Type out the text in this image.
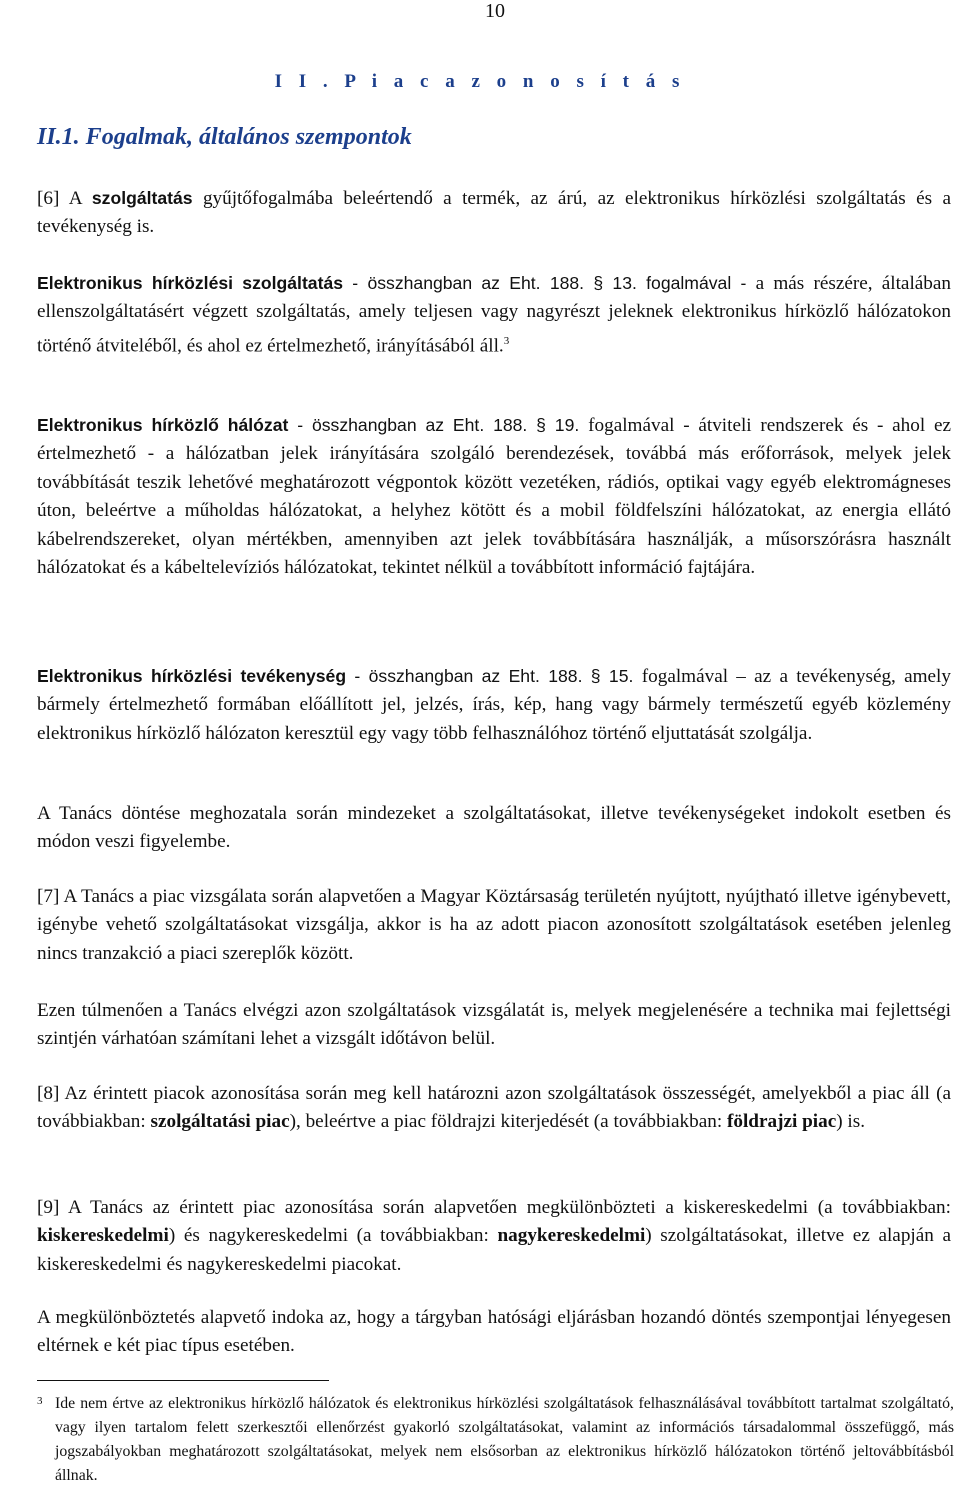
10
I I . P i a c a z o n o s í t á s
II.1. Fogalmak, általános szempontok

[6] A szolgáltatás gyűjtőfogalmába beleértendő a termék, az árú, az elektronikus hírközlési szolgáltatás és a tevékenység is.

Elektronikus hírközlési szolgáltatás - összhangban az Eht. 188. § 13. fogalmával - a más részére, általában ellenszolgáltatásért végzett szolgáltatás, amely teljesen vagy nagyrészt jeleknek elektronikus hírközlő hálózatokon történő átviteléből, és ahol ez értelmezhető, irányításából áll.$^3$

Elektronikus hírközlő hálózat - összhangban az Eht. 188. § 19. fogalmával - átviteli rendszerek és - ahol ez értelmezhető - a hálózatban jelek irányítására szolgáló berendezések, továbbá más erőforrások, melyek jelek továbbítását teszik lehetővé meghatározott végpontok között vezetéken, rádiós, optikai vagy egyéb elektromágneses úton, beleértve a műholdas hálózatokat, a helyhez kötött és a mobil földfelszíni hálózatokat, az energia ellátó kábelrendszereket, olyan mértékben, amennyiben azt jelek továbbítására használják, a műsorszórásra használt hálózatokat és a kábeltelevíziós hálózatokat, tekintet nélkül a továbbított információ fajtájára.

Elektronikus hírközlési tevékenység - összhangban az Eht. 188. § 15. fogalmával – az a tevékenység, amely bármely értelmezhető formában előállított jel, jelzés, írás, kép, hang vagy bármely természetű egyéb közlemény elektronikus hírközlő hálózaton keresztül egy vagy több felhasználóhoz történő eljuttatását szolgálja.

A Tanács döntése meghozatala során mindezeket a szolgáltatásokat, illetve tevékenységeket indokolt esetben és módon veszi figyelembe.

[7] A Tanács a piac vizsgálata során alapvetően a Magyar Köztársaság területén nyújtott, nyújtható illetve igénybevett, igénybe vehető szolgáltatásokat vizsgálja, akkor is ha az adott piacon azonosított szolgáltatások esetében jelenleg nincs tranzakció a piaci szereplők között.

Ezen túlmenően a Tanács elvégzi azon szolgáltatások vizsgálatát is, melyek megjelenésére a technika mai fejlettségi szintjén várhatóan számítani lehet a vizsgált időtávon belül.

[8] Az érintett piacok azonosítása során meg kell határozni azon szolgáltatások összességét, amelyekből a piac áll (a továbbiakban: szolgáltatási piac), beleértve a piac földrajzi kiterjedését (a továbbiakban: földrajzi piac) is.

[9] A Tanács az érintett piac azonosítása során alapvetően megkülönbözteti a kiskereskedelmi (a továbbiakban: kiskereskedelmi) és nagykereskedelmi (a továbbiakban: nagykereskedelmi) szolgáltatásokat, illetve ez alapján a kiskereskedelmi és nagykereskedelmi piacokat.

A megkülönböztetés alapvető indoka az, hogy a tárgyban hatósági eljárásban hozandó döntés szempontjai lényegesen eltérnek e két piac típus esetében.

3 Ide nem értve az elektronikus hírközlő hálózatok és elektronikus hírközlési szolgáltatások felhasználásával továbbított tartalmat szolgáltató, vagy ilyen tartalom felett szerkesztői ellenőrzést gyakorló szolgáltatásokat, valamint az információs társadalommal összefüggő, más jogszabályokban meghatározott szolgáltatásokat, melyek nem elsősorban az elektronikus hírközlő hálózatokon történő jeltovábbításból állnak.
